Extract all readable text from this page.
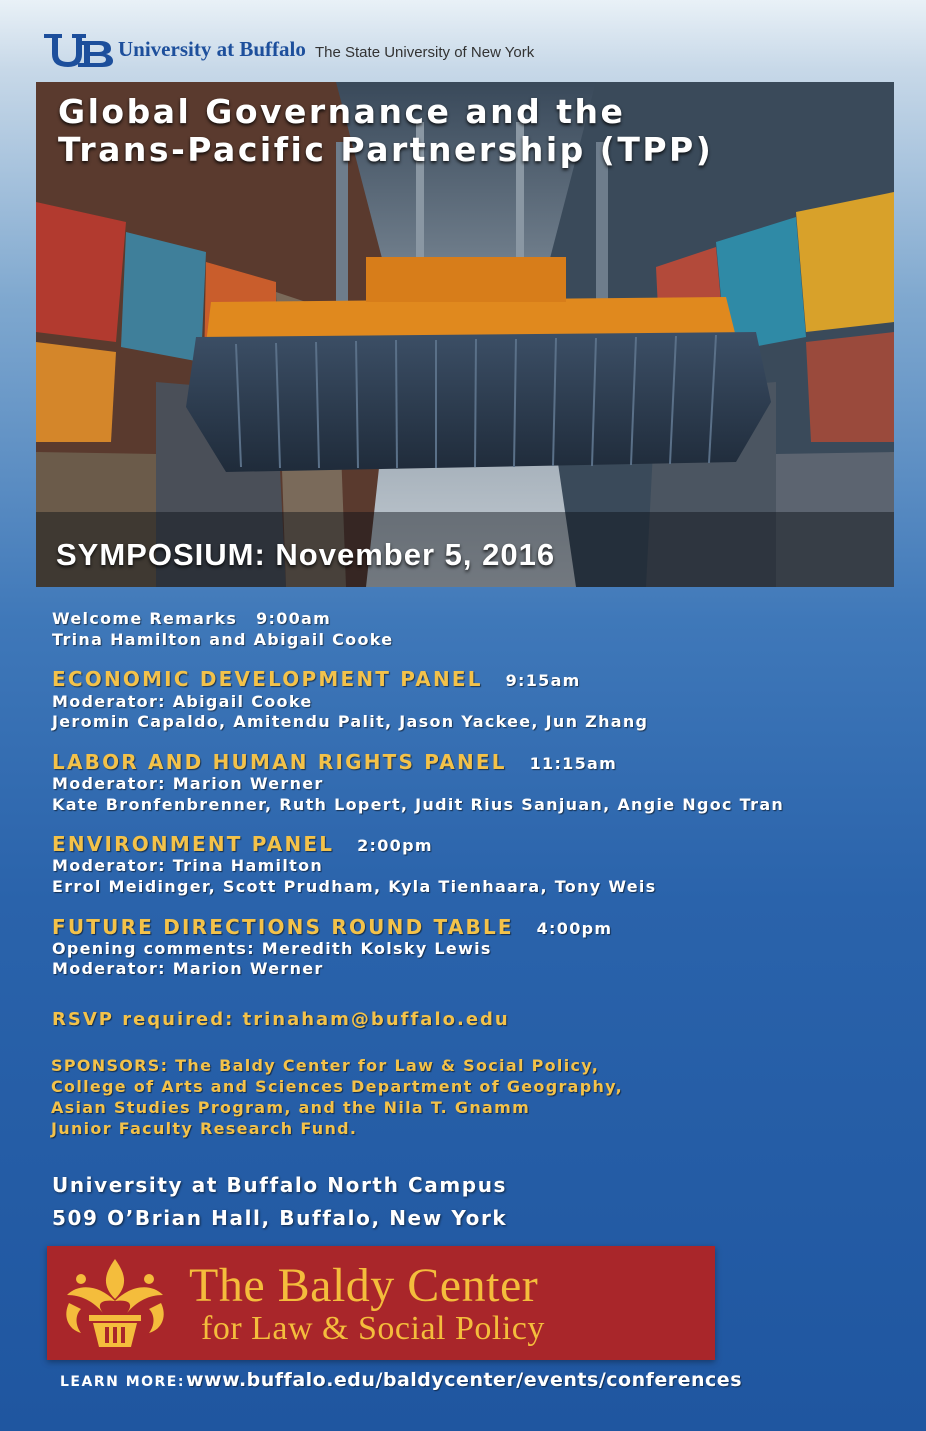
University at Buffalo The State University of New York
Global Governance and the
Trans-Pacific Partnership (TPP)
SYMPOSIUM: November 5, 2016
Welcome Remarks 9:00am
Trina Hamilton and Abigail Cooke
ECONOMIC DEVELOPMENT PANEL 9:15am
Moderator: Abigail Cooke
Jeromin Capaldo, Amitendu Palit, Jason Yackee, Jun Zhang
LABOR AND HUMAN RIGHTS PANEL 11:15am
Moderator: Marion Werner
Kate Bronfenbrenner, Ruth Lopert, Judit Rius Sanjuan, Angie Ngoc Tran
ENVIRONMENT PANEL 2:00pm
Moderator: Trina Hamilton
Errol Meidinger, Scott Prudham, Kyla Tienhaara, Tony Weis
FUTURE DIRECTIONS ROUND TABLE 4:00pm
Opening comments: Meredith Kolsky Lewis
Moderator: Marion Werner
RSVP required: trinaham@buffalo.edu
SPONSORS: The Baldy Center for Law & Social Policy,
College of Arts and Sciences Department of Geography,
Asian Studies Program, and the Nila T. Gnamm
Junior Faculty Research Fund.
University at Buffalo North Campus
509 O’Brian Hall, Buffalo, New York
The Baldy Center
for Law & Social Policy
LEARN MORE: www.buffalo.edu/baldycenter/events/conferences
